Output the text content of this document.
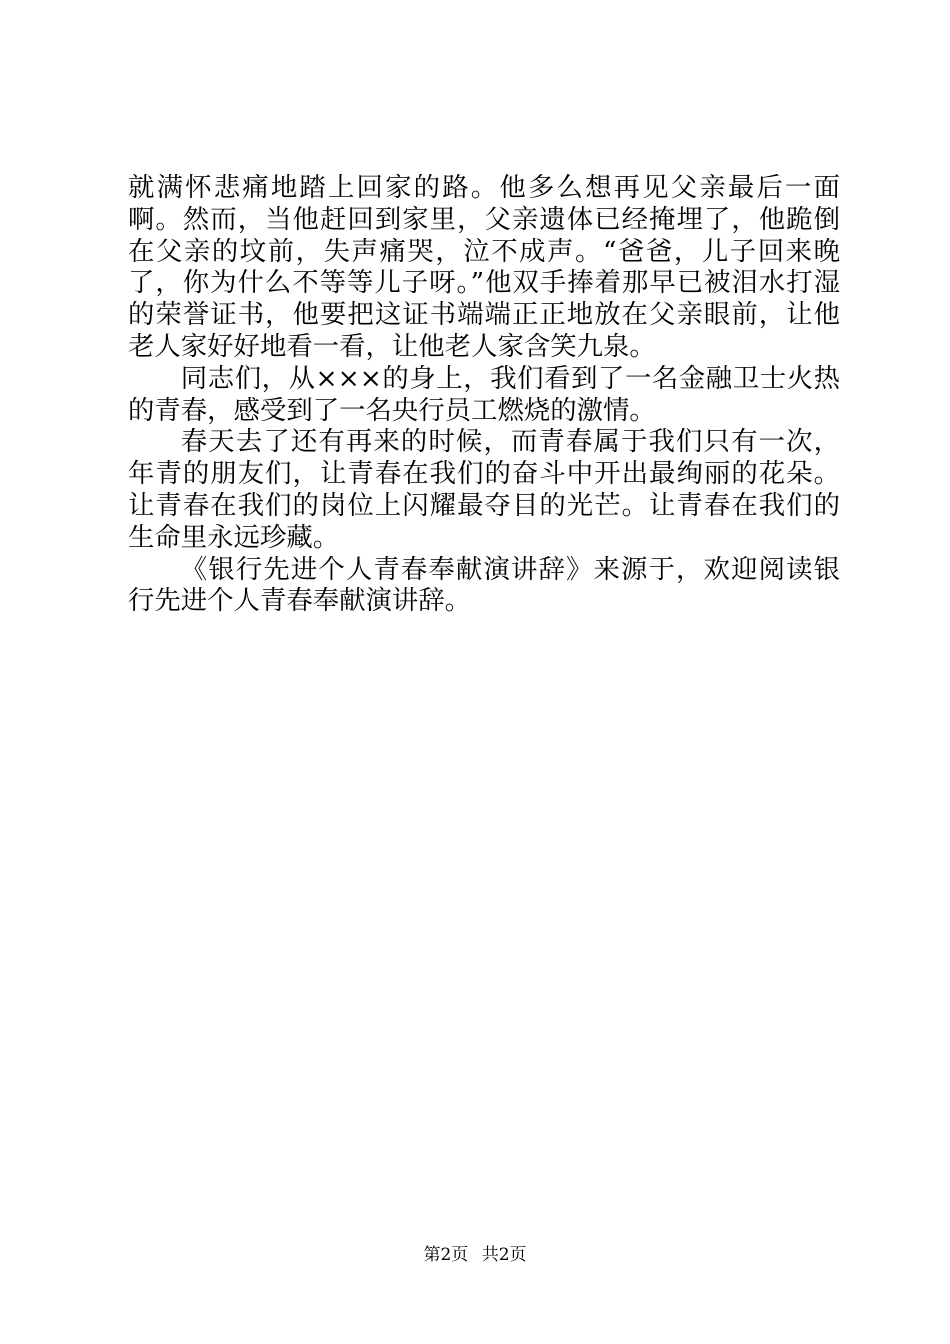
就满怀悲痛地踏上回家的路。他多么想再见父亲最后一面啊。然而，当他赶回到家里，父亲遗体已经掩埋了，他跪倒在父亲的坟前，失声痛哭，泣不成声。“爸爸，儿子回来晚了，你为什么不等等儿子呀。”他双手捧着那早已被泪水打湿的荣誉证书，他要把这证书端端正正地放在父亲眼前，让他老人家好好地看一看，让他老人家含笑九泉。

同志们，从×××的身上，我们看到了一名金融卫士火热的青春，感受到了一名央行员工燃烧的激情。

春天去了还有再来的时候，而青春属于我们只有一次，年青的朋友们，让青春在我们的奋斗中开出最绚丽的花朵。让青春在我们的岗位上闪耀最夺目的光芒。让青春在我们的生命里永远珍藏。

《银行先进个人青春奉献演讲辞》来源于，欢迎阅读银行先进个人青春奉献演讲辞。

第2页 共2页
